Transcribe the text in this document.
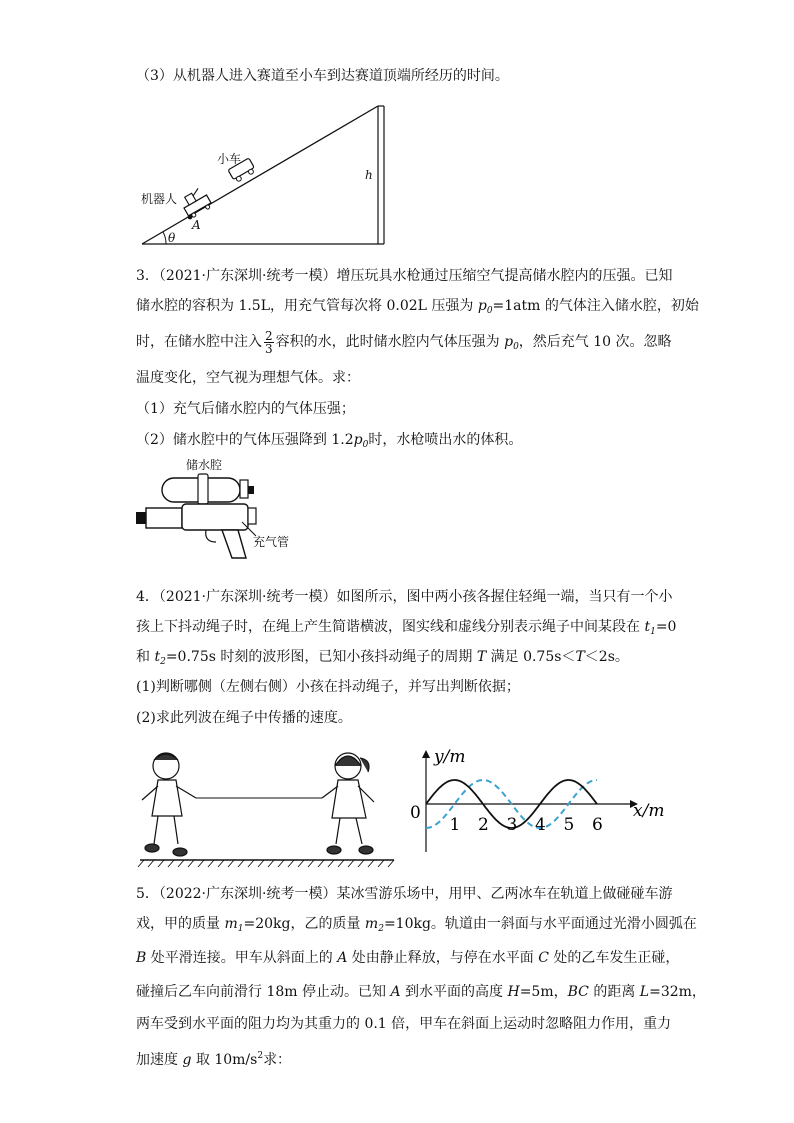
（3）从机器人进入赛道至小车到达赛道顶端所经历的时间。
小车
机器人
A
θ
h
3．（2021·广东深圳·统考一模）增压玩具水枪通过压缩空气提高储水腔内的压强。已知
储水腔的容积为 1.5L，用充气管每次将 0.02L 压强为 $p_0=1atm$ 的气体注入储水腔，初始
时，在储水腔中注入 $\frac{2}{3}$ 容积的水，此时储水腔内气体压强为 $p_0$，然后充气 10 次。忽略
温度变化，空气视为理想气体。求：
（1）充气后储水腔内的气体压强；
（2）储水腔中的气体压强降到 $1.2p_0$时，水枪喷出水的体积。
储水腔
充气管
4．（2021·广东深圳·统考一模）如图所示，图中两小孩各握住轻绳一端，当只有一个小
孩上下抖动绳子时，在绳上产生简谐横波，图实线和虚线分别表示绳子中间某段在 $t_1=0$
和 $t_2=0.75s$ 时刻的波形图，已知小孩抖动绳子的周期 T 满足 0.75s＜T＜2s。
(1)判断哪侧（左侧右侧）小孩在抖动绳子，并写出判断依据；
(2)求此列波在绳子中传播的速度。
y/m
x/m
0
1 2 3 4 5 6
5．（2022·广东深圳·统考一模）某冰雪游乐场中，用甲、乙两冰车在轨道上做碰碰车游
戏，甲的质量 $m_1=20kg$，乙的质量 $m_2=10kg$。轨道由一斜面与水平面通过光滑小圆弧在
B 处平滑连接。甲车从斜面上的 A 处由静止释放，与停在水平面 C 处的乙车发生正碰，
碰撞后乙车向前滑行 18m 停止动。已知 A 到水平面的高度 H=5m，BC 的距离 L=32m，
两车受到水平面的阻力均为其重力的 0.1 倍，甲车在斜面上运动时忽略阻力作用，重力
加速度 g 取 $10m/s^2$求：
